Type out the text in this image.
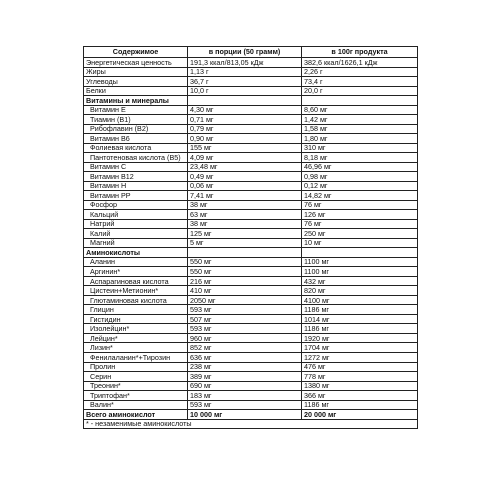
Содержимое	в порции (50 грамм)	в 100г продукта
Энергетическая ценность	191,3 ккал/813,05 кДж	382,6 ккал/1626,1 кДж
Жиры	1,13 г	2,26 г
Углеводы	36,7 г	73,4 г
Белки	10,0 г	20,0 г
Витамины и минералы		
Витамин Е	4,30 мг	8,60 мг
Тиамин (В1)	0,71 мг	1,42 мг
Рибофлавин (В2)	0,79 мг	1,58 мг
Витамин В6	0,90 мг	1,80 мг
Фолиевая кислота	155 мг	310 мг
Пантотеновая кислота (В5)	4,09 мг	8,18 мг
Витамин С	23,48 мг	46,96 мг
Витамин В12	0,49 мг	0,98 мг
Витамин Н	0,06 мг	0,12 мг
Витамин РР	7,41 мг	14,82 мг
Фосфор	38 мг	76 мг
Кальций	63 мг	126 мг
Натрий	38 мг	76 мг
Калий	125 мг	250 мг
Магний	5 мг	10 мг
Аминокислоты		
Аланин	550 мг	1100 мг
Аргинин*	550 мг	1100 мг
Аспарагиновая кислота	216 мг	432 мг
Цистеин+Метионин*	410 мг	820 мг
Глютаминовая кислота	2050 мг	4100 мг
Глицин	593 мг	1186 мг
Гистидин	507 мг	1014 мг
Изолейцин*	593 мг	1186 мг
Лейцин*	960 мг	1920 мг
Лизин*	852 мг	1704 мг
Фенилаланин*+Тирозин	636 мг	1272 мг
Пролин	238 мг	476 мг
Серин	389 мг	778 мг
Треонин*	690 мг	1380 мг
Триптофан*	183 мг	366 мг
Валин*	593 мг	1186 мг
Всего аминокислот	10 000 мг	20 000 мг
* - незаменимые аминокислоты		
